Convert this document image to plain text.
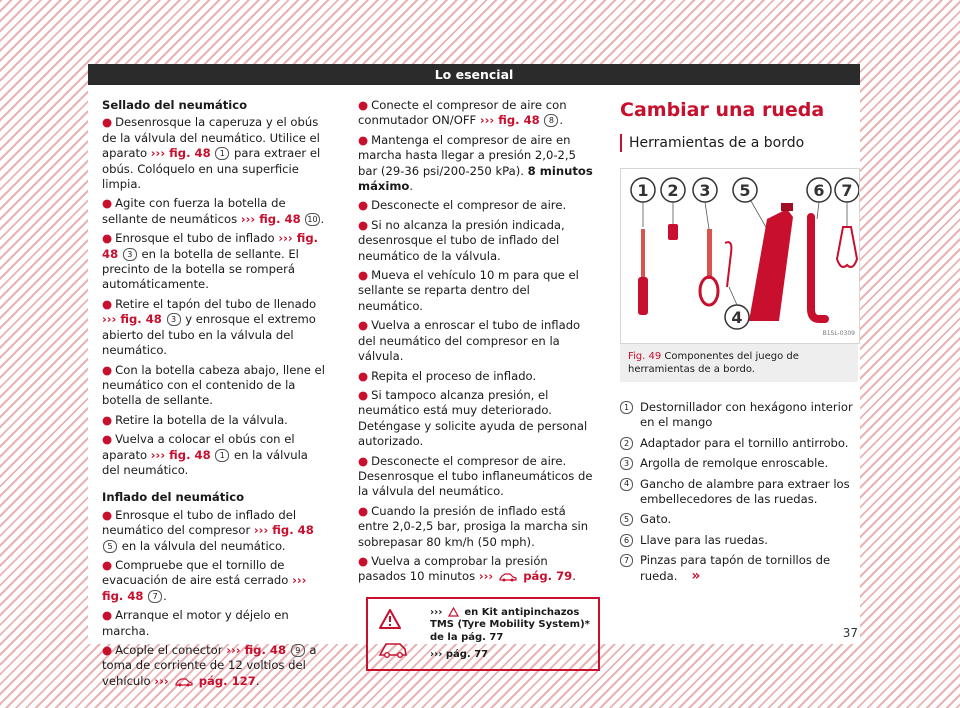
Lo esencial
Sellado del neumático
● Desenrosque la caperuza y el obús de la válvula del neumático. Utilice el aparato ››› fig. 48 1 para extraer el obús. Colóquelo en una superficie limpia.
● Agite con fuerza la botella de sellante de neumáticos ››› fig. 48 10 .
● Enrosque el tubo de inflado ››› fig. 48 3 en la botella de sellante. El precinto de la botella se romperá automáticamente.
● Retire el tapón del tubo de llenado ››› fig. 48 3 y enrosque el extremo abierto del tubo en la válvula del neumático.
● Con la botella cabeza abajo, llene el neumático con el contenido de la botella de sellante.
● Retire la botella de la válvula.
● Vuelva a colocar el obús con el aparato ››› fig. 48 1 en la válvula del neumático.
Inflado del neumático
● Enrosque el tubo de inflado del neumático del compresor ››› fig. 48 5 en la válvula del neumático.
● Compruebe que el tornillo de evacuación de aire está cerrado ››› fig. 48 7 .
● Arranque el motor y déjelo en marcha.
● Acople el conector ››› fig. 48 9 a toma de corriente de 12 voltios del vehículo ›››	pág. 127.
● Conecte el compresor de aire con conmutador ON/OFF ››› fig. 48 8 .
● Mantenga el compresor de aire en marcha hasta llegar a presión 2,0-2,5 bar (29-36 psi/200-250 kPa). 8 minutos máximo.
● Desconecte el compresor de aire.
● Si no alcanza la presión indicada, desenrosque el tubo de inflado del neumático de la válvula.
● Mueva el vehículo 10 m para que el sellante se reparta dentro del neumático.
● Vuelva a enroscar el tubo de inflado del neumático del compresor en la válvula.
● Repita el proceso de inflado.
● Si tampoco alcanza presión, el neumático está muy deteriorado. Deténgase y solicite ayuda de personal autorizado.
● Desconecte el compresor de aire. Desenrosque el tubo inflaneumáticos de la válvula del neumático.
● Cuando la presión de inflado está entre 2,0-2,5 bar, prosiga la marcha sin sobrepasar 80 km/h (50 mph).
● Vuelva a comprobar la presión pasados 10 minutos ›››	pág. 79.
››› en Kit antipinchazos TMS (Tyre Mobility System)* de la pág. 77
››› pág. 77
Cambiar una rueda
Herramientas de a bordo
1 2 3 5	6 7
4
B1SL-0309
Fig. 49 Componentes del juego de herramientas de a bordo.
1 Destornillador con hexágono interior en el mango
2 Adaptador para el tornillo antirrobo.
3 Argolla de remolque enroscable.
4 Gancho de alambre para extraer los embellecedores de las ruedas.
5 Gato.
6 Llave para las ruedas.
7 Pinzas para tapón de tornillos de rueda. »
37
